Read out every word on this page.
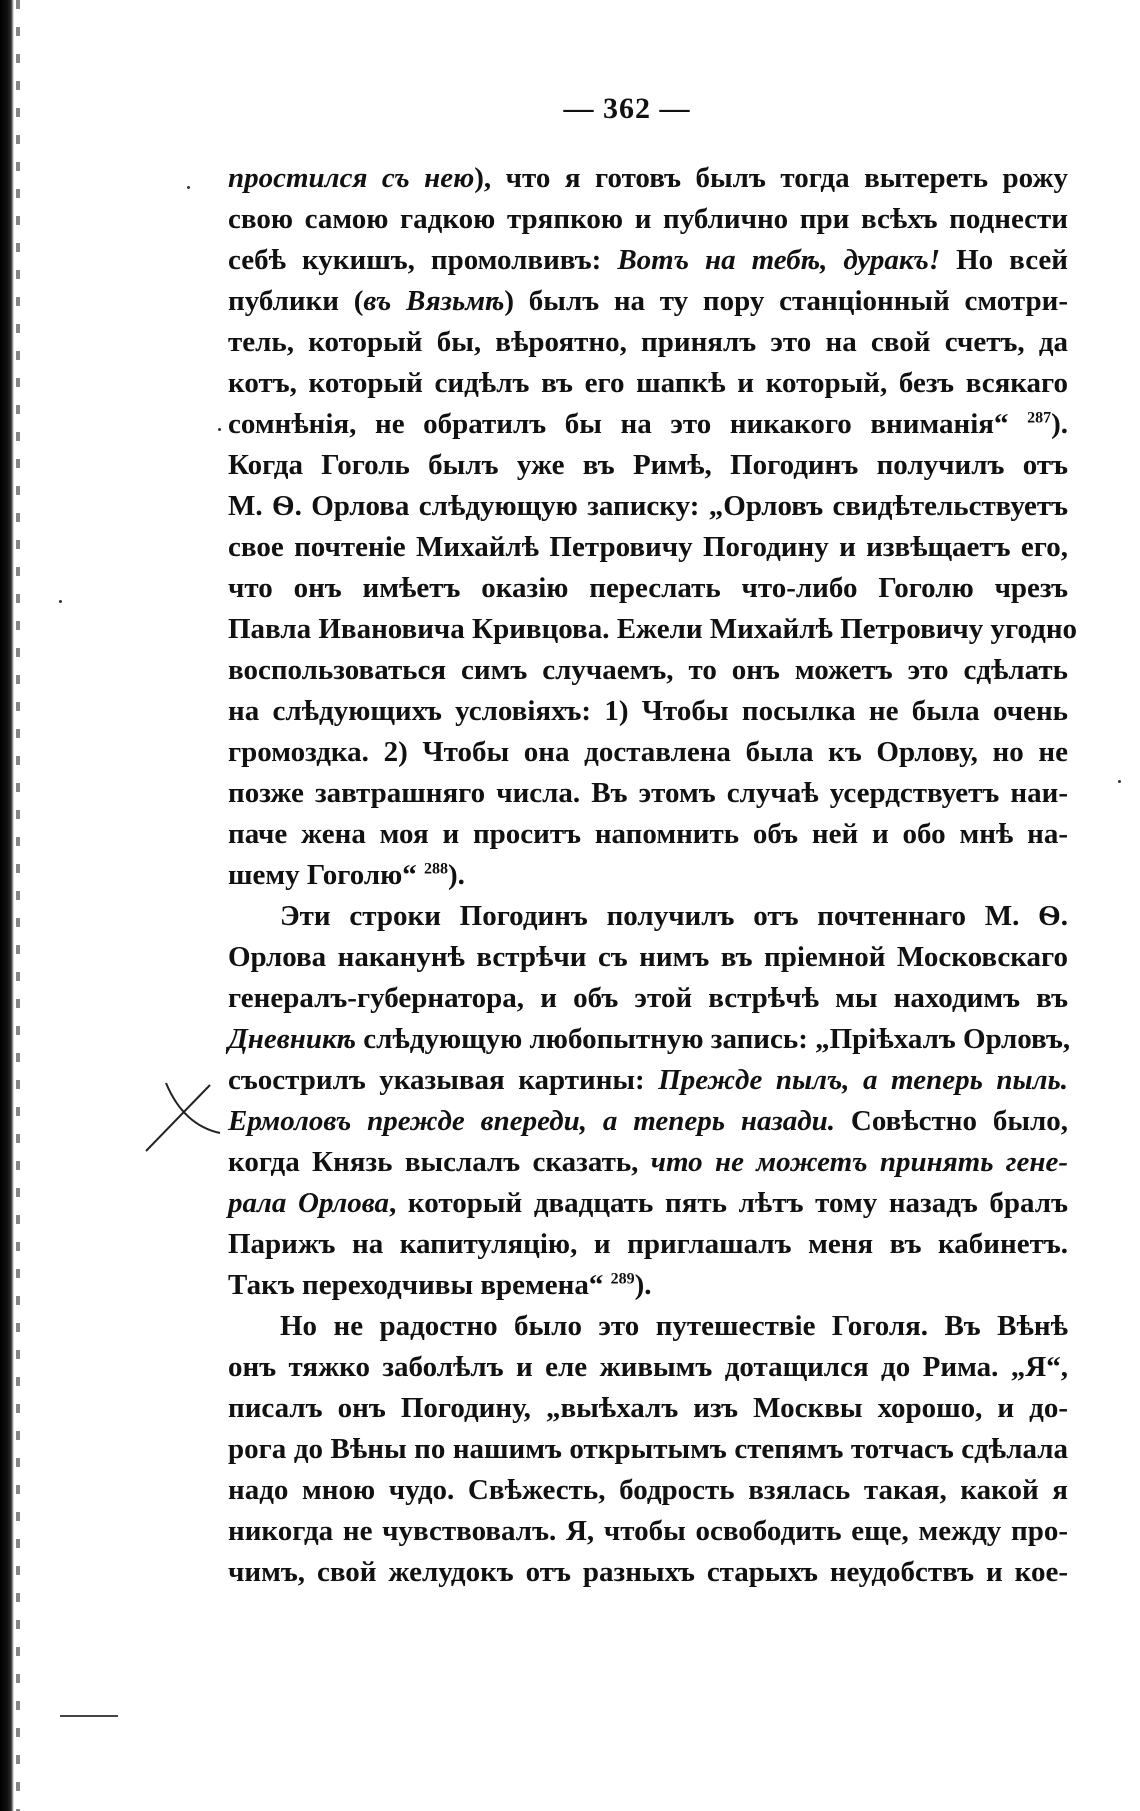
— 362 —
простился съ нею), что я готовъ былъ тогда вытереть рожу
свою самою гадкою тряпкою и публично при всѣхъ поднести
себѣ кукишъ, промолвивъ: Вотъ на тебѣ, дуракъ! Но всей
публики (въ Вязьмѣ) былъ на ту пору станціонный смотри-
тель, который бы, вѣроятно, принялъ это на свой счетъ, да
котъ, который сидѣлъ въ его шапкѣ и который, безъ всякаго
сомнѣнія, не обратилъ бы на это никакого вниманія“ $^{287}$).
Когда Гоголь былъ уже въ Римѣ, Погодинъ получилъ отъ
М. Ѳ. Орлова слѣдующую записку: „Орловъ свидѣтельствуетъ
свое почтеніе Михайлѣ Петровичу Погодину и извѣщаетъ его,
что онъ имѣетъ оказію переслать что-либо Гоголю чрезъ
Павла Ивановича Кривцова. Ежели Михайлѣ Петровичу угодно
воспользоваться симъ случаемъ, то онъ можетъ это сдѣлать
на слѣдующихъ условіяхъ: 1) Чтобы посылка не была очень
громоздка. 2) Чтобы она доставлена была къ Орлову, но не
позже завтрашняго числа. Въ этомъ случаѣ усердствуетъ наи-
паче жена моя и проситъ напомнить объ ней и обо мнѣ на-
шему Гоголю“ $^{288}$).
Эти строки Погодинъ получилъ отъ почтеннаго М. Ѳ.
Орлова наканунѣ встрѣчи съ нимъ въ пріемной Московскаго
генералъ-губернатора, и объ этой встрѣчѣ мы находимъ въ
Дневникѣ слѣдующую любопытную запись: „Пріѣхалъ Орловъ,
съострилъ указывая картины: Прежде пылъ, а теперь пыль.
Ермоловъ прежде впереди, а теперь назади. Совѣстно было,
когда Князь выслалъ сказать, что не можетъ принять гене-
рала Орлова, который двадцать пять лѣтъ тому назадъ бралъ
Парижъ на капитуляцію, и приглашалъ меня въ кабинетъ.
Такъ переходчивы времена“ $^{289}$).
Но не радостно было это путешествіе Гоголя. Въ Вѣнѣ
онъ тяжко заболѣлъ и еле живымъ дотащился до Рима. „Я“,
писалъ онъ Погодину, „выѣхалъ изъ Москвы хорошо, и до-
рога до Вѣны по нашимъ открытымъ степямъ тотчасъ сдѣлала
надо мною чудо. Свѣжесть, бодрость взялась такая, какой я
никогда не чувствовалъ. Я, чтобы освободить еще, между про-
чимъ, свой желудокъ отъ разныхъ старыхъ неудобствъ и кое-
